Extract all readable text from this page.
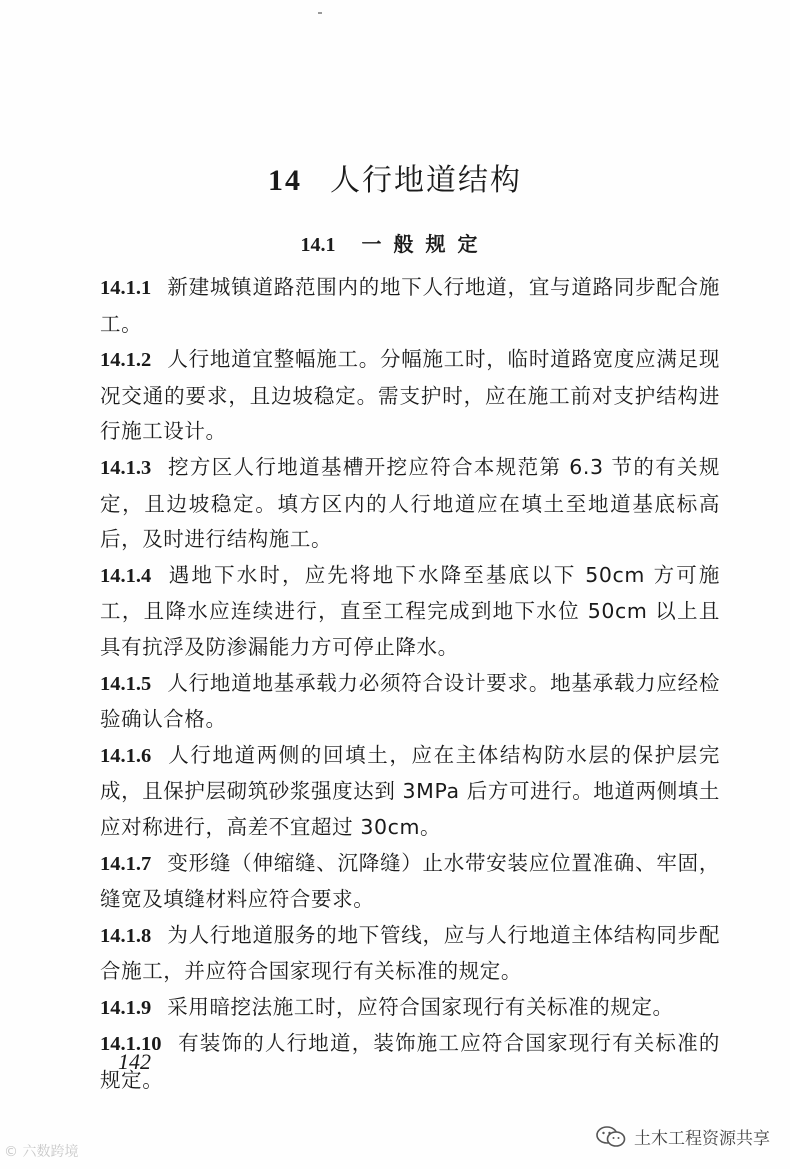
14 人行地道结构
14.1 一般规定
14.1.1 新建城镇道路范围内的地下人行地道，宜与道路同步配合施工。
14.1.2 人行地道宜整幅施工。分幅施工时，临时道路宽度应满足现况交通的要求，且边坡稳定。需支护时，应在施工前对支护结构进行施工设计。
14.1.3 挖方区人行地道基槽开挖应符合本规范第 6.3 节的有关规定，且边坡稳定。填方区内的人行地道应在填土至地道基底标高后，及时进行结构施工。
14.1.4 遇地下水时，应先将地下水降至基底以下 50cm 方可施工，且降水应连续进行，直至工程完成到地下水位 50cm 以上且具有抗浮及防渗漏能力方可停止降水。
14.1.5 人行地道地基承载力必须符合设计要求。地基承载力应经检验确认合格。
14.1.6 人行地道两侧的回填土，应在主体结构防水层的保护层完成，且保护层砌筑砂浆强度达到 3MPa 后方可进行。地道两侧填土应对称进行，高差不宜超过 30cm。
14.1.7 变形缝（伸缩缝、沉降缝）止水带安装应位置准确、牢固，缝宽及填缝材料应符合要求。
14.1.8 为人行地道服务的地下管线，应与人行地道主体结构同步配合施工，并应符合国家现行有关标准的规定。
14.1.9 采用暗挖法施工时，应符合国家现行有关标准的规定。
14.1.10 有装饰的人行地道，装饰施工应符合国家现行有关标准的规定。
142
© 六数跨境
土木工程资源共享
